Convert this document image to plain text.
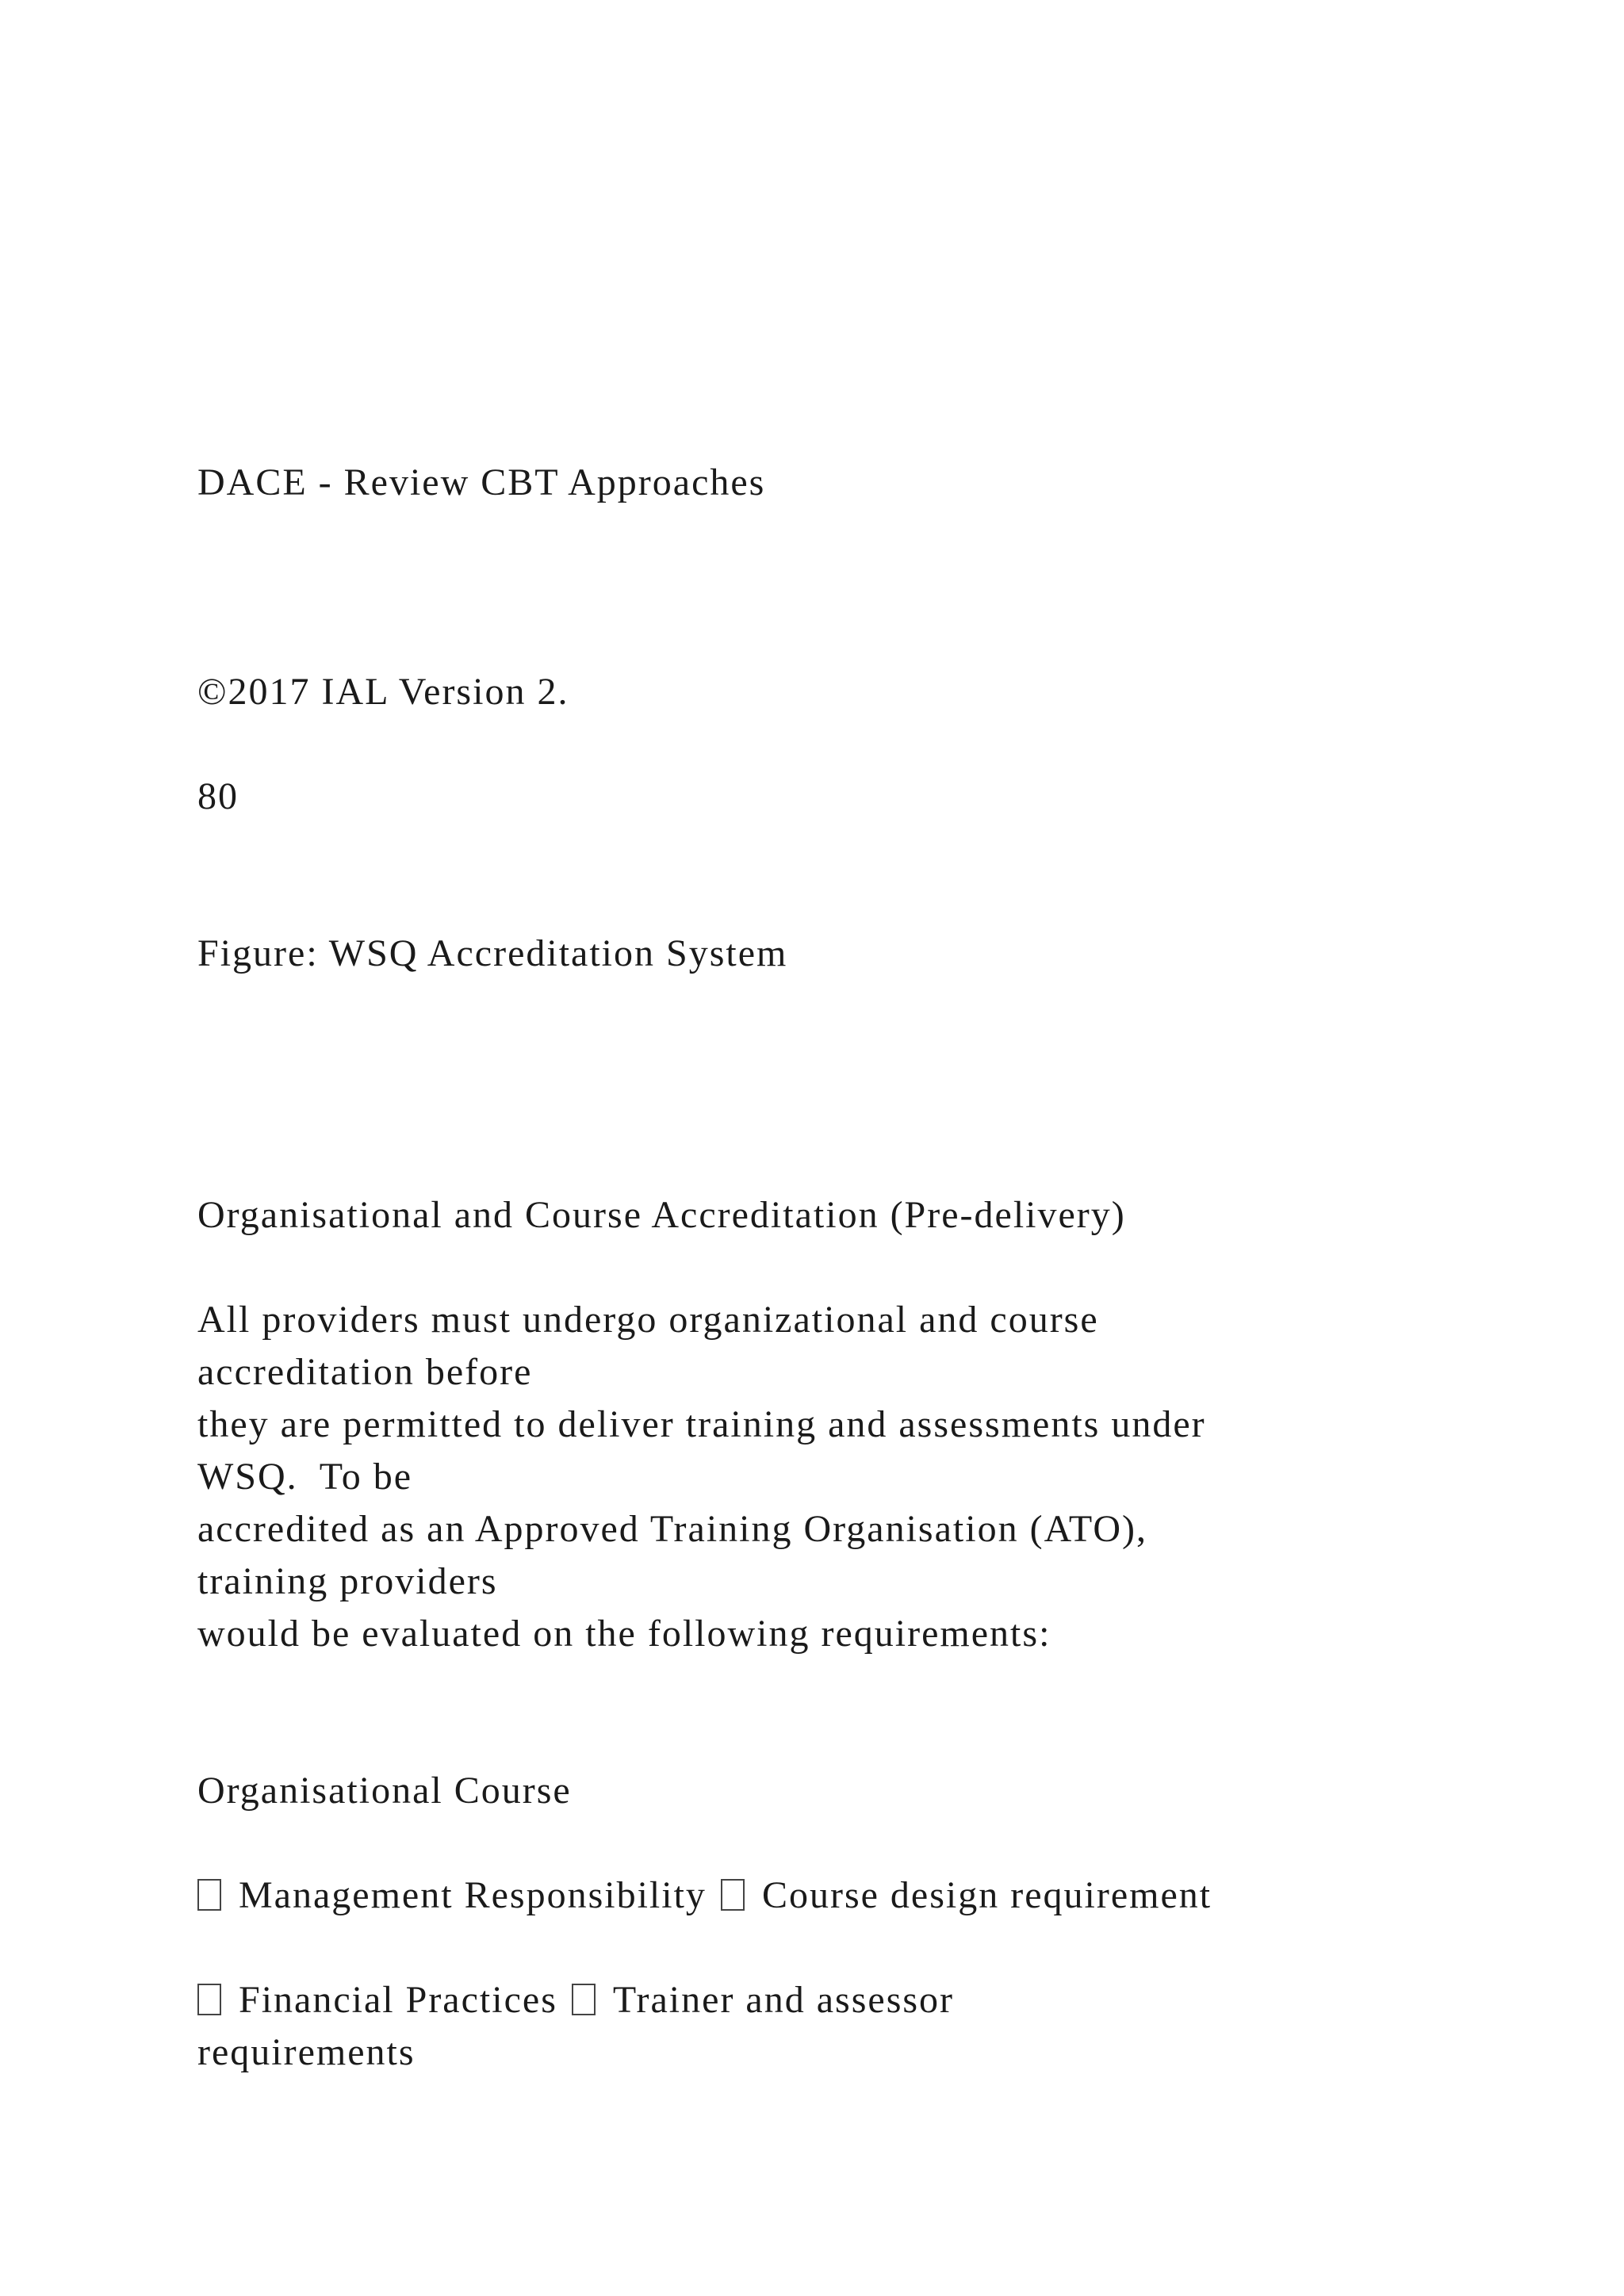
DACE - Review CBT Approaches
©2017 IAL Version 2.
80
Figure: WSQ Accreditation System
Organisational and Course Accreditation (Pre-delivery)
All providers must undergo organizational and course
accreditation before
they are permitted to deliver training and assessments under
WSQ.  To be
accredited as an Approved Training Organisation (ATO),
training providers
would be evaluated on the following requirements:
Organisational Course
Management Responsibility Course design requirement
Financial Practices Trainer and assessor
requirements
